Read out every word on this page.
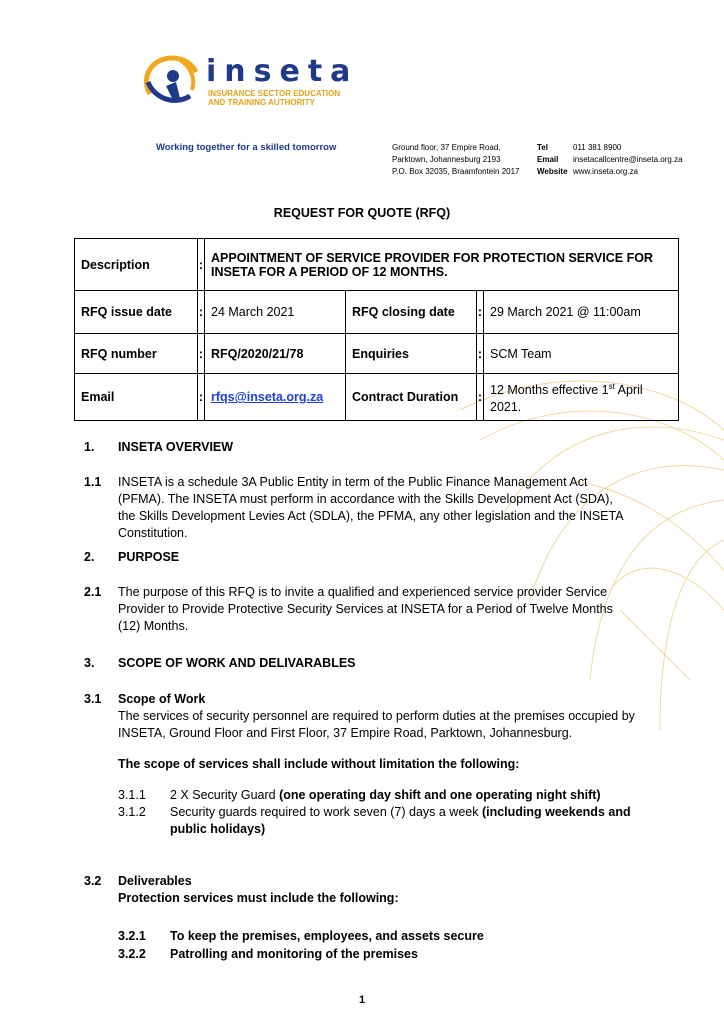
inseta
INSURANCE SECTOR EDUCATION
AND TRAINING AUTHORITY
Working together for a skilled tomorrow	Ground floor, 37 Empire Road,
Parktown, Johannesburg 2193
P.O. Box 32035, Braamfontein 2017
Tel	011 381 8900
Email insetacallcentre@inseta.org.za
Website www.inseta.org.za
REQUEST FOR QUOTE (RFQ)
Description	:	APPOINTMENT OF SERVICE PROVIDER FOR PROTECTION SERVICE FOR INSETA FOR A PERIOD OF 12 MONTHS.			
RFQ issue date	:	24 March 2021	RFQ closing date	:	29 March 2021 @ 11:00am
RFQ number	:	RFQ/2020/21/78	Enquiries	:	SCM Team
Email	:	rfqs@inseta.org.za	Contract Duration	:	12 Months effective 1st April 2021.
1. INSETA OVERVIEW
1.1 INSETA is a schedule 3A Public Entity in term of the Public Finance Management Act
(PFMA). The INSETA must perform in accordance with the Skills Development Act (SDA),
the Skills Development Levies Act (SDLA), the PFMA, any other legislation and the INSETA
Constitution.
2. PURPOSE
2.1 The purpose of this RFQ is to invite a qualified and experienced service provider Service
Provider to Provide Protective Security Services at INSETA for a Period of Twelve Months
(12) Months.
3. SCOPE OF WORK AND DELIVARABLES
3.1 Scope of Work
The services of security personnel are required to perform duties at the premises occupied by
INSETA, Ground Floor and First Floor, 37 Empire Road, Parktown, Johannesburg.
The scope of services shall include without limitation the following:
3.1.1 2 X Security Guard (one operating day shift and one operating night shift)
3.1.2 Security guards required to work seven (7) days a week (including weekends and
public holidays)
3.2 Deliverables
Protection services must include the following:
3.2.1 To keep the premises, employees, and assets secure
3.2.2 Patrolling and monitoring of the premises
1
